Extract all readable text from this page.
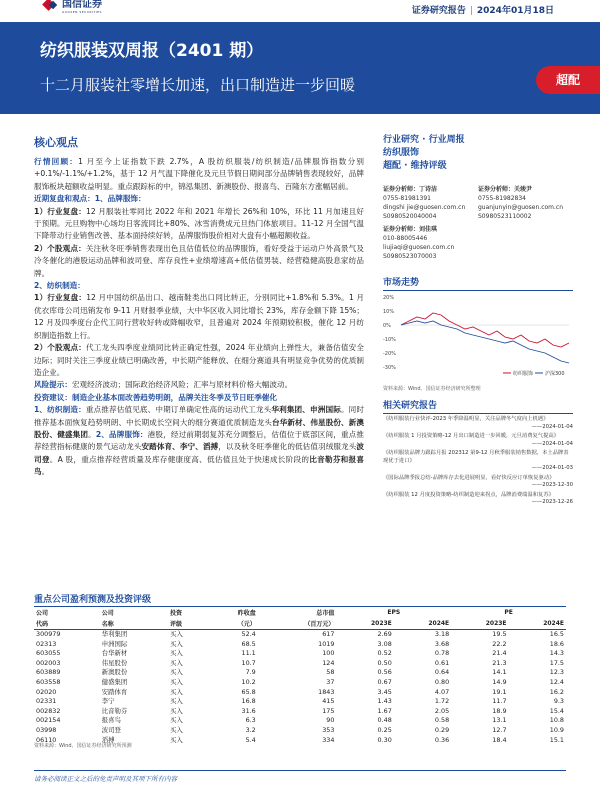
国信证券
GUOSEN SECURITIES	证券研究报告 | 2024年01月18日
纺织服装双周报（2401 期）
十二月服装社零增长加速，出口制造进一步回暖	超配
核心观点
行情回顾：1 月至今上证指数下跌 2.7%，A 股纺织服装/纺织制造/品牌服饰指数分别+0.1%/-1.1%/+1.2%，基于 12 月气温下降催化及元旦节假日期间部分品牌销售表现较好，品牌服饰板块超额收益明显。重点跟踪标的中，锦泓集团、新澳股份、报喜鸟、百隆东方涨幅居前。
近期复盘和观点：1、品牌服饰：
1）行业复盘：12 月服装社零同比 2022 年和 2021 年增长 26%和 10%，环比 11 月加速且好于预期。元旦购物中心场均日客流同比+80%、冰雪消费成元旦热门体旅项目。11-12 月全国气温下降带动行业销售改善、基本面持续好转，品牌服饰股价相对大盘有小幅超额收益。
2）个股观点：关注秋冬旺季销售表现出色且估值低位的品牌服饰，看好受益于运动户外高景气及冷冬催化的港股运动品牌和波司登、库存良性+业绩增速高+低估值男装、经营稳健高股息家纺品牌。
2、纺织制造：
1）行业复盘：12 月中国纺织品出口、越南鞋类出口同比转正，分别同比+1.8%和 5.3%。1 月优衣库母公司迅销发布 9-11 月财报季业绩，大中华区收入同比增长 23%，库存金额下降 15%；12 月及四季度台企代工同行营收好转或降幅收窄，且普遍对 2024 年预期较积极，催化 12 月纺织制造指数上行。
2）个股观点：代工龙头四季度业绩同比转正确定性强，2024 年业绩向上弹性大，兼备估值安全边际；同时关注三季度业绩已明确改善，中长期产能释放、在细分赛道具有明显竞争优势的优质制造企业。
风险提示：宏观经济波动；国际政治经济风险；汇率与原材料价格大幅波动。
投资建议：制造企业基本面改善趋势明朗，品牌关注冬季及节日旺季催化
1、纺织制造：重点推荐估值见底、中期订单确定性高的运动代工龙头华利集团、申洲国际。同时推荐基本面恢复趋势明朗、中长期成长空间大的细分赛道优质制造龙头台华新材、伟星股份、新澳股份、健盛集团。2、品牌服饰：港股，经过前期弱复苏充分调整后，估值位于底部区间，重点推荐经营指标健康的景气运动龙头安踏体育、李宁、滔搏，以及秋冬旺季催化的低估值羽绒服龙头波司登。A 股，重点推荐经营质量及库存健康度高、低估值且处于快速成长阶段的比音勒芬和报喜鸟。
行业研究 · 行业周报
纺织服饰
超配 · 维持评级
证券分析师：丁诗洁
0755-81981391
dingshi jie@guosen.com.cn
S0980520040004
证券分析师：关竣尹
0755-81982834
guanjunyin@guosen.com.cn
S0980523110002
证券分析师：刘佳琪
010-88005446
liujiaqi@guosen.com.cn
S0980523070003
市场走势
20%
10%
0%
-10%
-20%
-30%
纺织服饰 沪深300
资料来源：Wind、国信证券经济研究所整理
相关研究报告
《纺织服装行业快评-2023 年季降温明显，关注品牌冬气度向上机遇》
——2024-01-04
《纺织服装 1 月投资策略-12 月出口制造进一步回暖，元旦消费复气提高》
——2024-01-04
《纺织服装品牌力跟踪月报 202312 第9-12 月秋季服装销售数据，本土品牌表现优于进口》
——2024-01-03
《国际品牌季报总结-品牌库存去化进展明显，看好快反应订单恢复驱动》
——2023-12-30
《纺织服装 12 月度投资策略-纺织制造迎来拐点，品牌消费端温和复苏》
——2023-12-26
重点公司盈利预测及投资评级
公司	公司	投资	昨收盘	总市值	EPS		PE	
代码	名称	评级	（元）	（百万元）	2023E	2024E	2023E	2024E
300979	华利集团	买入	52.4	617	2.69	3.18	19.5	16.5
02313	申洲国际	买入	68.5	1019	3.08	3.68	22.2	18.6
603055	台华新材	买入	11.1	100	0.52	0.78	21.4	14.3
002003	伟星股份	买入	10.7	124	0.50	0.61	21.3	17.5
603889	新澳股份	买入	7.9	58	0.56	0.64	14.1	12.3
603558	健盛集团	买入	10.2	37	0.67	0.80	14.9	12.4
02020	安踏体育	买入	65.8	1843	3.45	4.07	19.1	16.2
02331	李宁	买入	16.8	415	1.43	1.72	11.7	9.3
002832	比音勒芬	买入	31.6	175	1.67	2.05	18.9	15.4
002154	报喜鸟	买入	6.3	90	0.48	0.58	13.1	10.8
03998	波司登	买入	3.2	353	0.25	0.29	12.7	10.9
06110	滔搏	买入	5.4	334	0.30	0.36	18.4	15.1
资料来源：Wind、国信证券经济研究所预测
请务必阅读正文之后的免责声明及其项下所有内容
